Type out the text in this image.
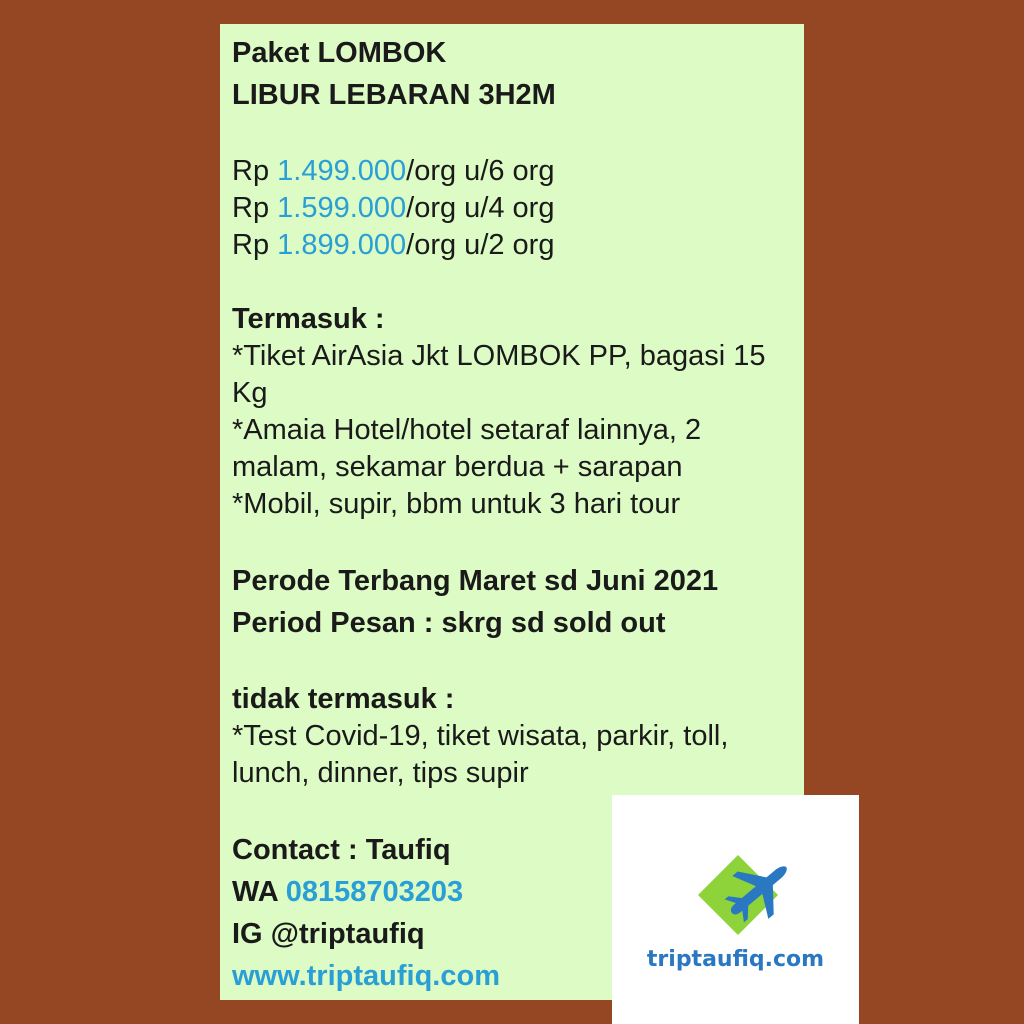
Paket LOMBOK
LIBUR LEBARAN 3H2M
Rp 1.499.000/org u/6 org
Rp 1.599.000/org u/4 org
Rp 1.899.000/org u/2 org
Termasuk :
*Tiket AirAsia Jkt LOMBOK PP, bagasi 15 Kg
*Amaia Hotel/hotel setaraf lainnya, 2 malam, sekamar berdua + sarapan
*Mobil, supir, bbm untuk 3 hari tour
Perode Terbang Maret sd Juni 2021
Period Pesan : skrg sd sold out
tidak termasuk :
*Test Covid-19, tiket wisata, parkir, toll, lunch, dinner, tips supir
Contact : Taufiq
WA 08158703203
IG @triptaufiq
www.triptaufiq.com
triptaufiq.com
